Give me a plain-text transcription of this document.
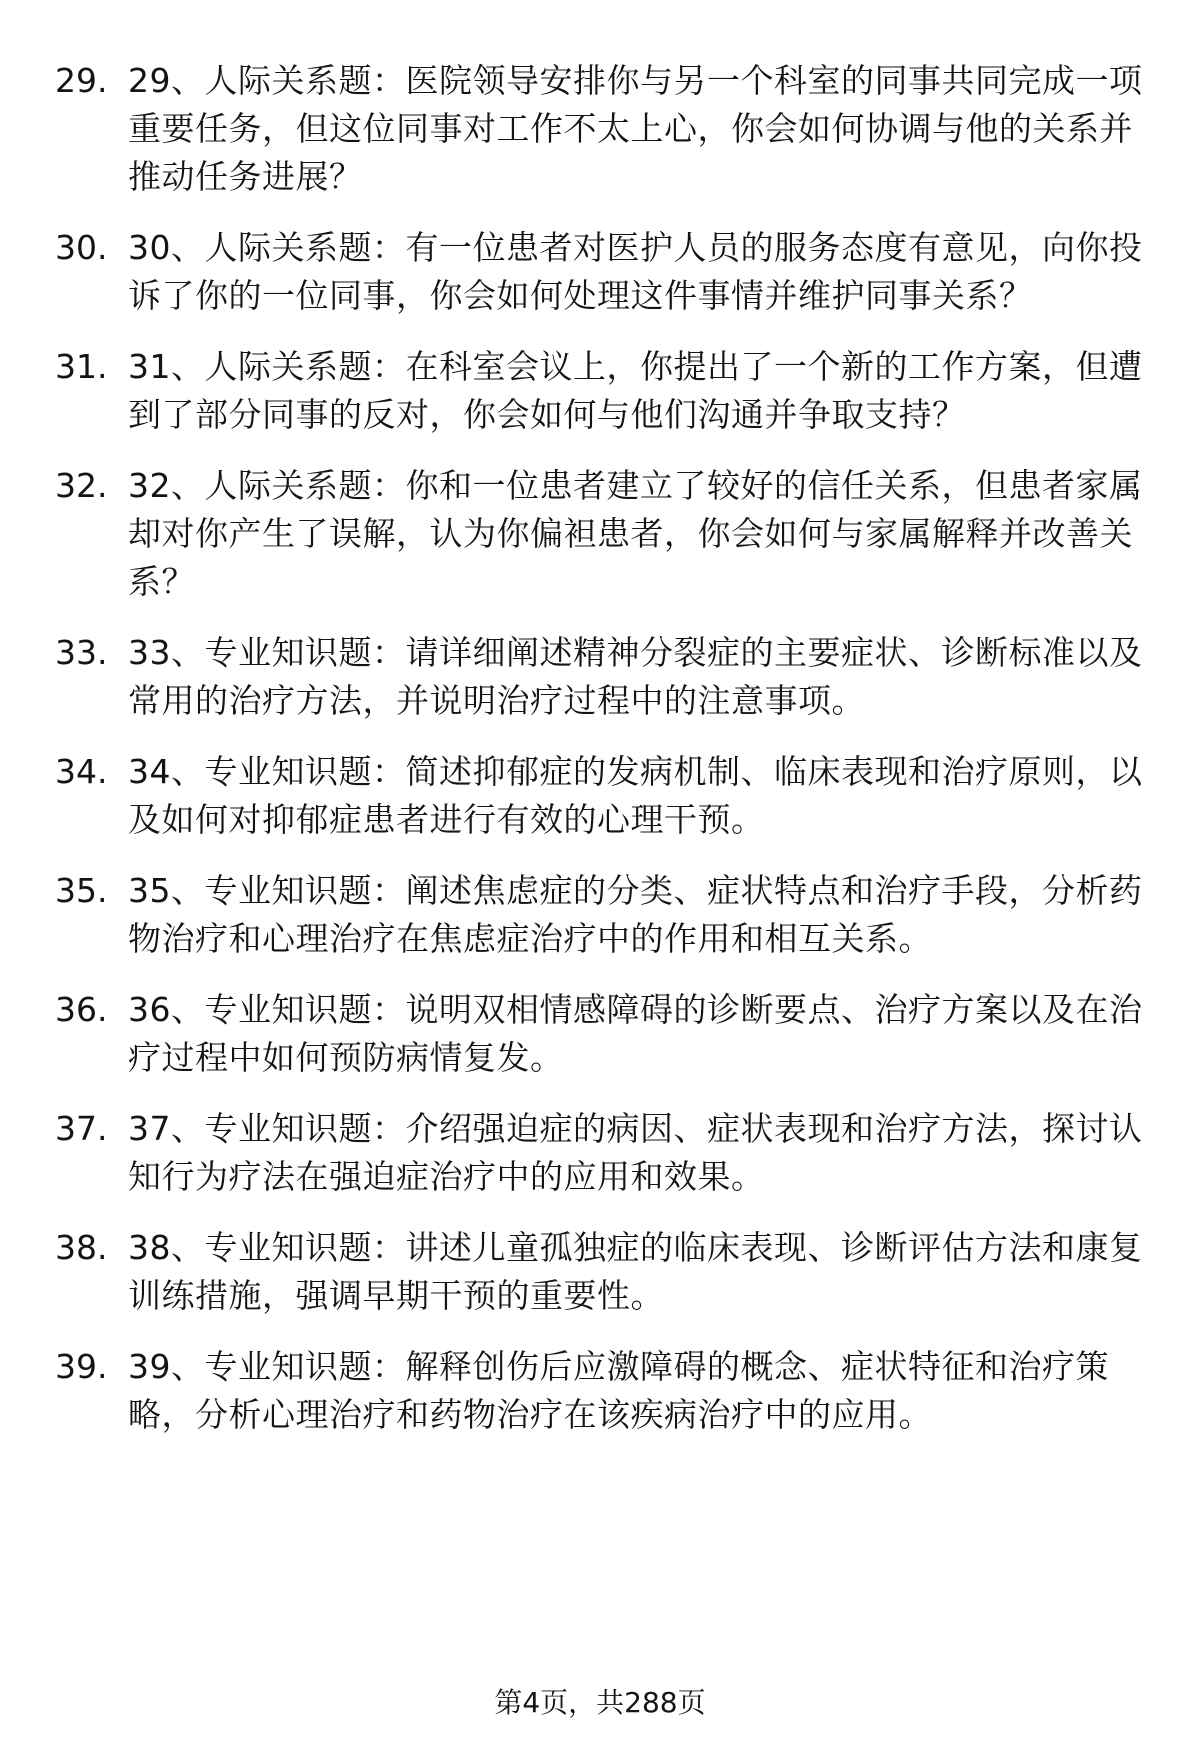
29. 29、人际关系题：医院领导安排你与另一个科室的同事共同完成一项重要任务，但这位同事对工作不太上心，你会如何协调与他的关系并推动任务进展？
30. 30、人际关系题：有一位患者对医护人员的服务态度有意见，向你投诉了你的一位同事，你会如何处理这件事情并维护同事关系？
31. 31、人际关系题：在科室会议上，你提出了一个新的工作方案，但遭到了部分同事的反对，你会如何与他们沟通并争取支持？
32. 32、人际关系题：你和一位患者建立了较好的信任关系，但患者家属却对你产生了误解，认为你偏袒患者，你会如何与家属解释并改善关系？
33. 33、专业知识题：请详细阐述精神分裂症的主要症状、诊断标准以及常用的治疗方法，并说明治疗过程中的注意事项。
34. 34、专业知识题：简述抑郁症的发病机制、临床表现和治疗原则，以及如何对抑郁症患者进行有效的心理干预。
35. 35、专业知识题：阐述焦虑症的分类、症状特点和治疗手段，分析药物治疗和心理治疗在焦虑症治疗中的作用和相互关系。
36. 36、专业知识题：说明双相情感障碍的诊断要点、治疗方案以及在治疗过程中如何预防病情复发。
37. 37、专业知识题：介绍强迫症的病因、症状表现和治疗方法，探讨认知行为疗法在强迫症治疗中的应用和效果。
38. 38、专业知识题：讲述儿童孤独症的临床表现、诊断评估方法和康复训练措施，强调早期干预的重要性。
39. 39、专业知识题：解释创伤后应激障碍的概念、症状特征和治疗策略，分析心理治疗和药物治疗在该疾病治疗中的应用。
第4页，共288页
